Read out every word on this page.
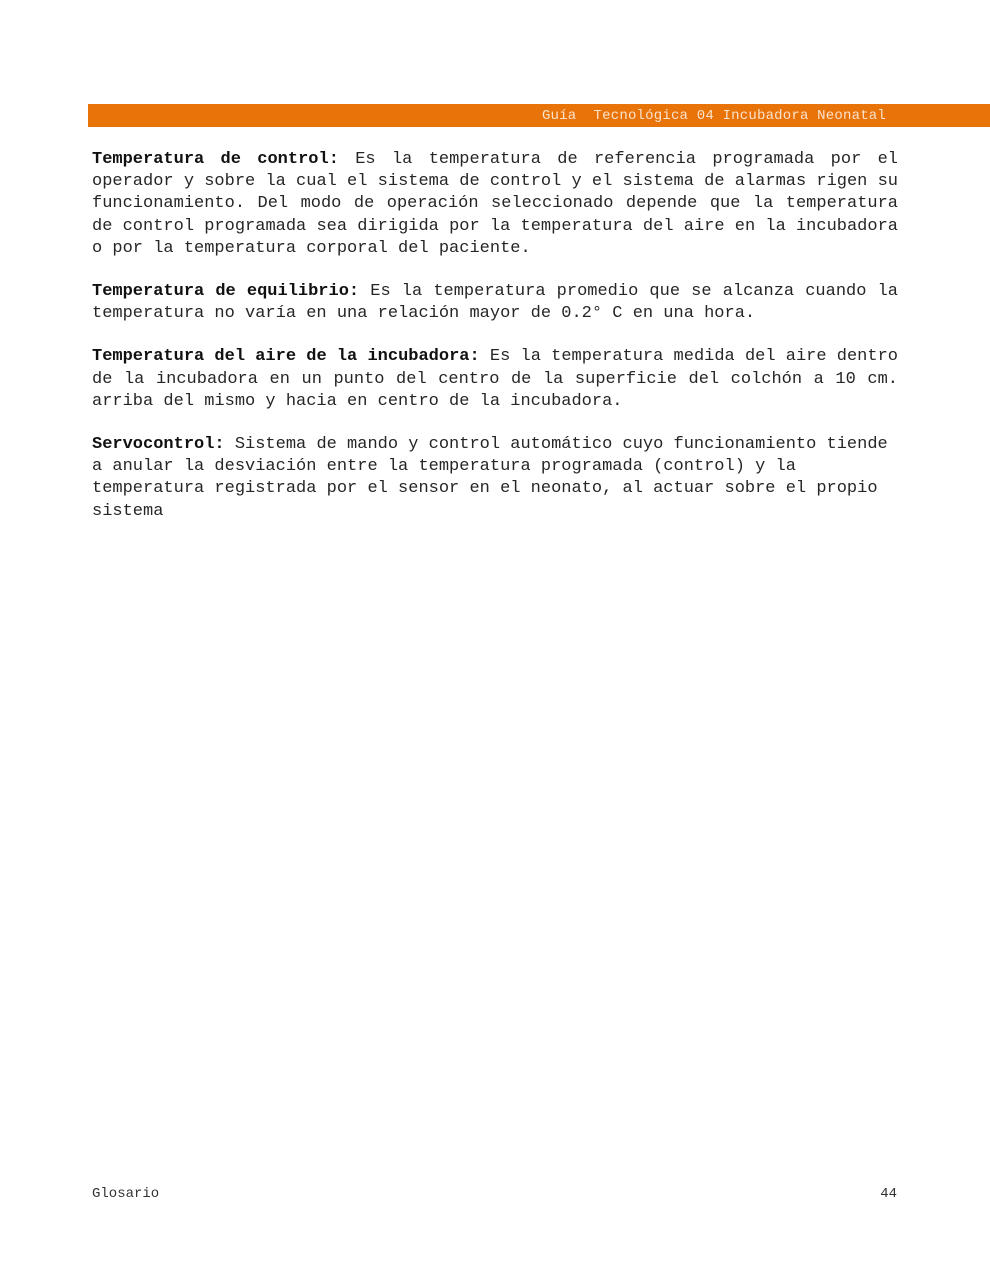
Guía  Tecnológica 04 Incubadora Neonatal

Temperatura de control: Es la temperatura de referencia programada por el operador y sobre la cual el sistema de control y el sistema de alarmas rigen su funcionamiento. Del modo de operación seleccionado depende que la temperatura de control programada sea dirigida por la temperatura del aire en la incubadora o por la temperatura corporal del paciente.

Temperatura de equilibrio: Es la temperatura promedio que se alcanza cuando la temperatura no varía en una relación mayor de 0.2° C en una hora.

Temperatura del aire de la incubadora: Es la temperatura medida del aire dentro de la incubadora en un punto del centro de la superficie del colchón a 10 cm. arriba del mismo y hacia en centro de la incubadora.

Servocontrol: Sistema de mando y control automático cuyo funcionamiento tiende a anular la desviación entre la temperatura programada (control) y la temperatura registrada por el sensor en el neonato, al actuar sobre el propio sistema

Glosario	44
